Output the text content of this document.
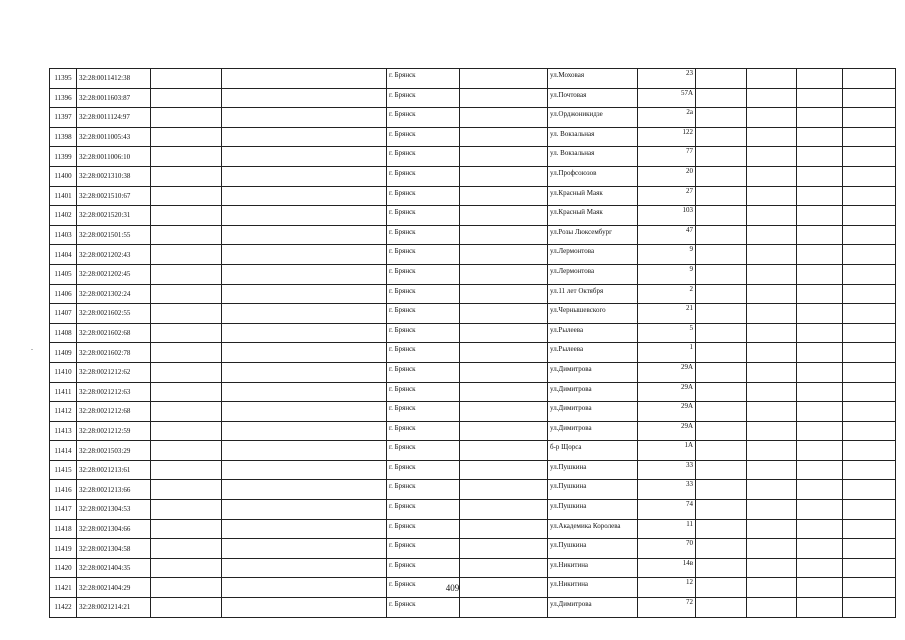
11395	32:28:0011412:38			г. Брянск		ул.Моховая	23				
11396	32:28:0011603:87			г. Брянск		ул.Почтовая	57А				
11397	32:28:0011124:97			г. Брянск		ул.Орджоникидзе	2а				
11398	32:28:0011005:43			г. Брянск		ул. Вокзальная	122				
11399	32:28:0011006:10			г. Брянск		ул. Вокзальная	77				
11400	32:28:0021310:38			г. Брянск		ул.Профсоюзов	20				
11401	32:28:0021510:67			г. Брянск		ул.Красный Маяк	27				
11402	32:28:0021520:31			г. Брянск		ул.Красный Маяк	103				
11403	32:28:0021501:55			г. Брянск		ул.Розы Люксембург	47				
11404	32:28:0021202:43			г. Брянск		ул.Лермонтова	9				
11405	32:28:0021202:45			г. Брянск		ул.Лермонтова	9				
11406	32:28:0021302:24			г. Брянск		ул.11 лет Октября	2				
11407	32:28:0021602:55			г. Брянск		ул.Чернышевского	21				
11408	32:28:0021602:68			г. Брянск		ул.Рылеева	5				
11409	32:28:0021602:78			г. Брянск		ул.Рылеева	1				
11410	32:28:0021212:62			г. Брянск		ул.Димитрова	29А				
11411	32:28:0021212:63			г. Брянск		ул.Димитрова	29А				
11412	32:28:0021212:68			г. Брянск		ул.Димитрова	29А				
11413	32:28:0021212:59			г. Брянск		ул.Димитрова	29А				
11414	32:28:0021503:29			г. Брянск		б-р Щорса	1А				
11415	32:28:0021213:61			г. Брянск		ул.Пушкина	33				
11416	32:28:0021213:66			г. Брянск		ул.Пушкина	33				
11417	32:28:0021304:53			г. Брянск		ул.Пушкина	74				
11418	32:28:0021304:66			г. Брянск		ул.Академика Королева	11				
11419	32:28:0021304:58			г. Брянск		ул.Пушкина	70				
11420	32:28:0021404:35			г. Брянск		ул.Никитина	14в				
11421	32:28:0021404:29			г. Брянск		ул.Никитина	12				
11422	32:28:0021214:21			г. Брянск		ул.Димитрова	72				
409
